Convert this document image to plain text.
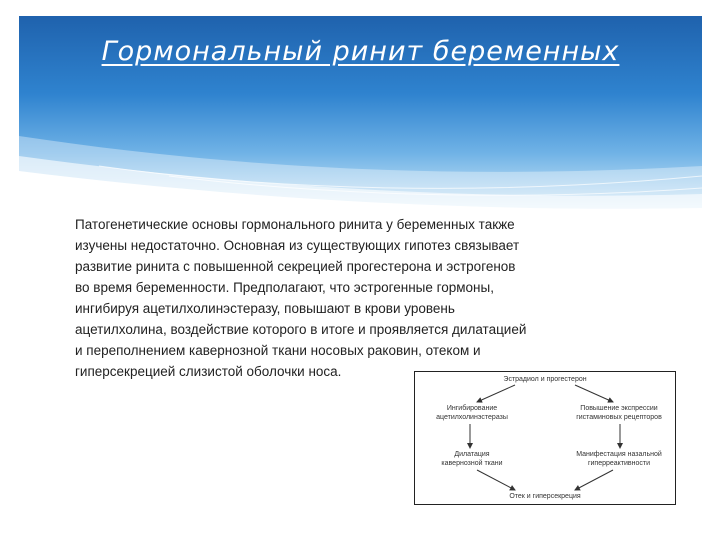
Гормональный ринит беременных
Патогенетические основы гормонального ринита у беременных также
изучены недостаточно. Основная из существующих гипотез связывает
развитие ринита с повышенной секрецией прогестерона и эстрогенов
во время беременности. Предполагают, что эстрогенные гормоны,
ингибируя ацетилхолинэстеразу, повышают в крови уровень
ацетилхолина, воздействие которого в итоге и проявляется дилатацией
и переполнением кавернозной ткани носовых раковин, отеком и
гиперсекрецией слизистой оболочки носа.
Эстрадиол и прогестерон
Ингибирование
ацетилхолинэстеразы
Повышение экспрессии
гистаминовых рецепторов
Дилатация
кавернозной ткани
Манифестация назальной
гиперреактивности
Отек и гиперсекреция
